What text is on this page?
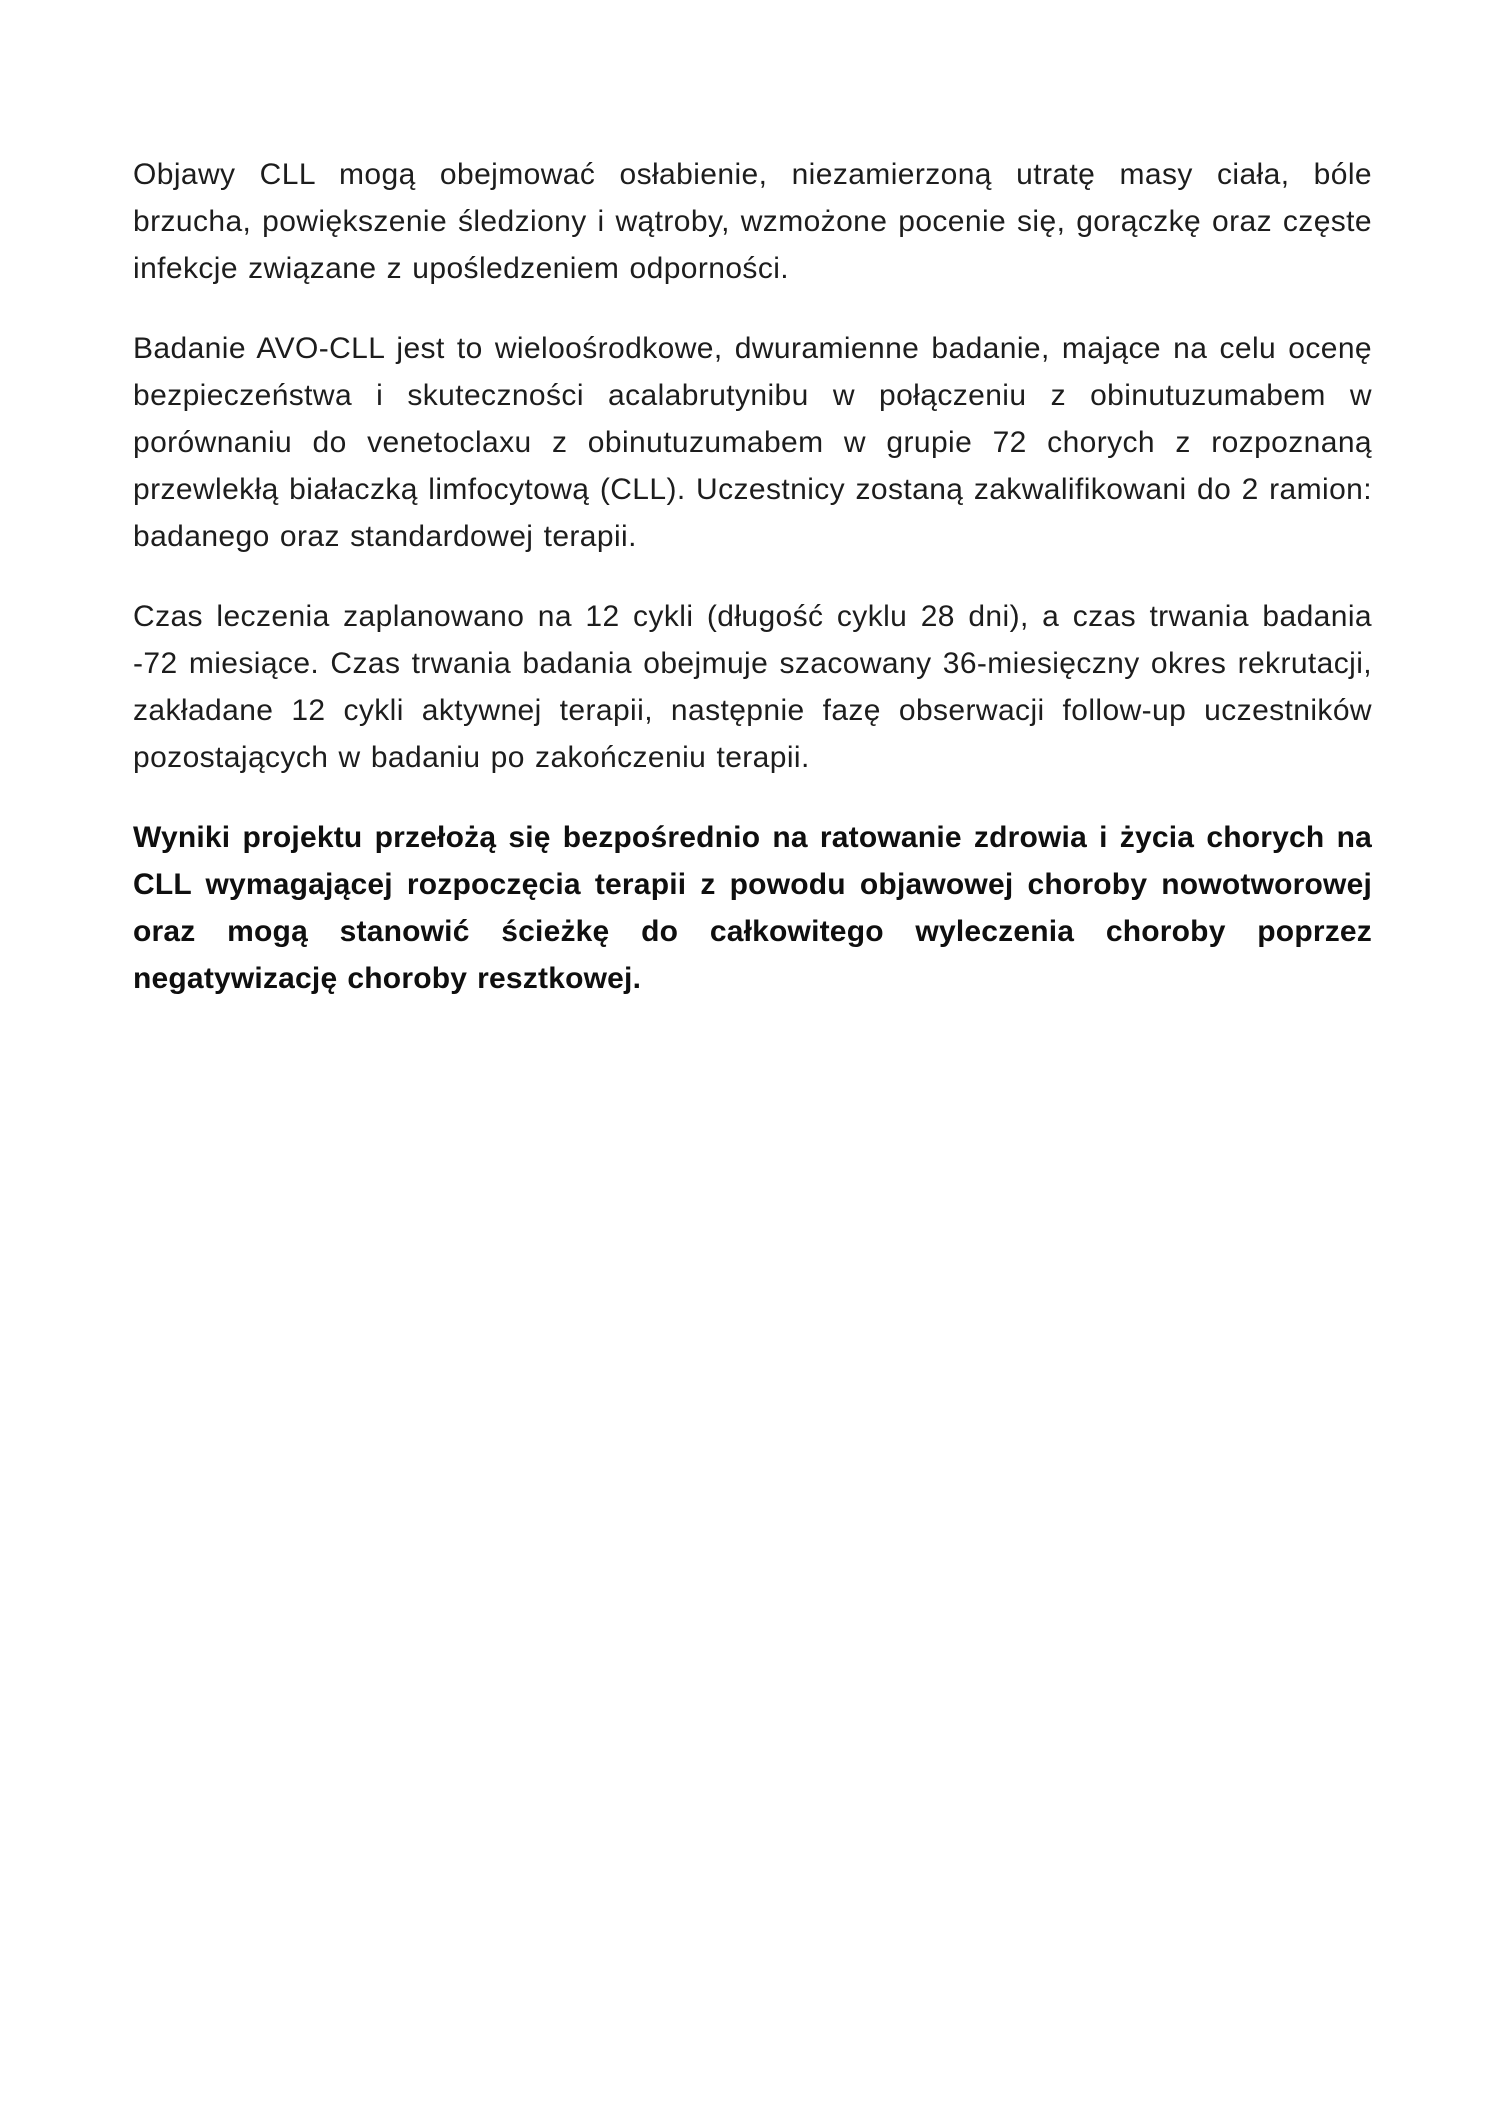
Objawy CLL mogą obejmować osłabienie, niezamierzoną utratę masy ciała, bóle brzucha, powiększenie śledziony i wątroby, wzmożone pocenie się, gorączkę oraz częste infekcje związane z upośledzeniem odporności.

Badanie AVO-CLL jest to wieloośrodkowe, dwuramienne badanie, mające na celu ocenę bezpieczeństwa i skuteczności acalabrutynibu w połączeniu z obinutuzumabem w porównaniu do venetoclaxu z obinutuzumabem w grupie 72 chorych z rozpoznaną przewlekłą białaczką limfocytową (CLL). Uczestnicy zostaną zakwalifikowani do 2 ramion: badanego oraz standardowej terapii.

Czas leczenia zaplanowano na 12 cykli (długość cyklu 28 dni), a czas trwania badania -72 miesiące. Czas trwania badania obejmuje szacowany 36-miesięczny okres rekrutacji, zakładane 12 cykli aktywnej terapii, następnie fazę obserwacji follow-up uczestników pozostających w badaniu po zakończeniu terapii.

Wyniki projektu przełożą się bezpośrednio na ratowanie zdrowia i życia chorych na CLL wymagającej rozpoczęcia terapii z powodu objawowej choroby nowotworowej oraz mogą stanowić ścieżkę do całkowitego wyleczenia choroby poprzez negatywizację choroby resztkowej.
